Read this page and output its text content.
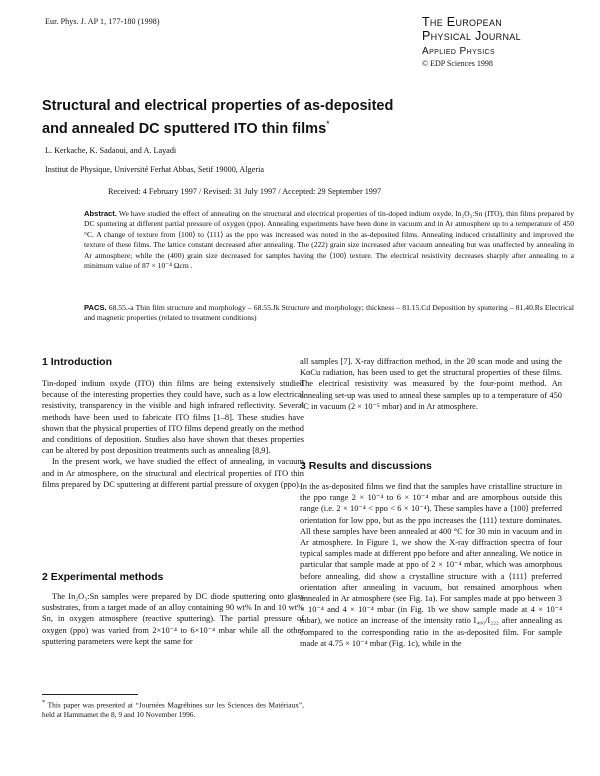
Eur. Phys. J. AP 1, 177-180 (1998)	The European
Physical Journal
Applied Physics
© EDP Sciences 1998
Structural and electrical properties of as-deposited
and annealed DC sputtered ITO thin films*
L. Kerkache, K. Sadaoui, and A. Layadi
Institut de Physique, Université Ferhat Abbas, Setif 19000, Algeria
Received: 4 February 1997 / Revised: 31 July 1997 / Accepted: 29 September 1997
Abstract. We have studied the effect of annealing on the structural and electrical properties of tin-doped indium oxyde, In₂O₃:Sn (ITO), thin films prepared by DC sputtering at different partial pressure of oxygen (ppo). Annealing experiments have been done in vacuum and in Ar atmosphere up to a temperature of 450 °C. A change of texture from ⟨100⟩ to ⟨111⟩ as the ppo was increased was noted in the as-deposited films. Annealing induced cristallinity and improved the texture of these films. The lattice constant decreased after annealing. The (222) grain size increased after vacuum annealing but was unaffected by annealing in Ar atmosphere; while the (400) grain size decreased for samples having the ⟨100⟩ texture. The electrical resistivity decreases sharply after annealing to a minimum value of 87 × 10⁻⁴ Ωcm .
PACS. 68.55.-a Thin film structure and morphology – 68.55.Jk Structure and morphology; thickness – 81.15.Cd Deposition by sputtering – 81.40.Rs Electrical and magnetic properties (related to treatment conditions)
1 Introduction

Tin-doped indium oxyde (ITO) thin films are being extensively studied because of the interesting properties they could have, such as a low electrical resistivity, transparency in the visible and high infrared reflectivity. Several methods have been used to fabricate ITO films [1–8]. These studies have shown that the physical properties of ITO films depend greatly on the method and conditions of deposition. Studies also have shown that theses properties can be altered by post deposition treatments such as annealing [8,9].

In the present work, we have studied the effect of annealing, in vacuum and in Ar atmosphere, on the structural and electrical properties of ITO thin films prepared by DC sputtering at different partial pressure of oxygen (ppo).

2 Experimental methods

The In₂O₃:Sn samples were prepared by DC diode sputtering onto glass susbstrates, from a target made of an alloy containing 90 wt% In and 10 wt% Sn, in oxygen atmosphere (reactive sputtering). The partial pressure of oxygen (ppo) was varied from 2×10⁻⁴ to 6×10⁻⁴ mbar while all the other sputtering parameters were kept the same for

* This paper was presented at “Journées Magrébines sur les Sciences des Matériaux”, held at Hammamet the 8, 9 and 10 November 1996.

all samples [7]. X-ray diffraction method, in the 2θ scan mode and using the KαCu radiation, has been used to get the structural properties of these films. The electrical resistivity was measured by the four-point method. An annealing set-up was used to anneal these samples up to a temperature of 450 °C in vacuum (2 × 10⁻⁵ mbar) and in Ar atmosphere.

3 Results and discussions

In the as-deposited films we find that the samples have cristalline structure in the ppo range 2 × 10⁻⁴ to 6 × 10⁻⁴ mbar and are amorphous outside this range (i.e. 2 × 10⁻⁴ < ppo < 6 × 10⁻⁴). These samples have a ⟨100⟩ preferred orientation for low ppo, but as the ppo increases the ⟨111⟩ texture dominates. All these samples have been annealed at 400 °C for 30 min in vacuum and in Ar atmosphere. In Figure 1, we show the X-ray diffraction spectra of four typical samples made at different ppo before and after annealing. We notice in particular that sample made at ppo of 2 × 10⁻⁴ mbar, which was amorphous before annealing, did show a crystalline structure with a ⟨111⟩ preferred orientation after annealing in vacuum, but remained amorphous when annealed in Ar atmosphere (see Fig. 1a). For samples made at ppo between 3 × 10⁻⁴ and 4 × 10⁻⁴ mbar (in Fig. 1b we show sample made at 4 × 10⁻⁴ mbar), we notice an increase of the intensity ratio I₄₀₀/I₂₂₂ after annealing as compared to the corresponding ratio in the as-deposited film. For sample made at 4.75 × 10⁻⁴ mbar (Fig. 1c), while in the
